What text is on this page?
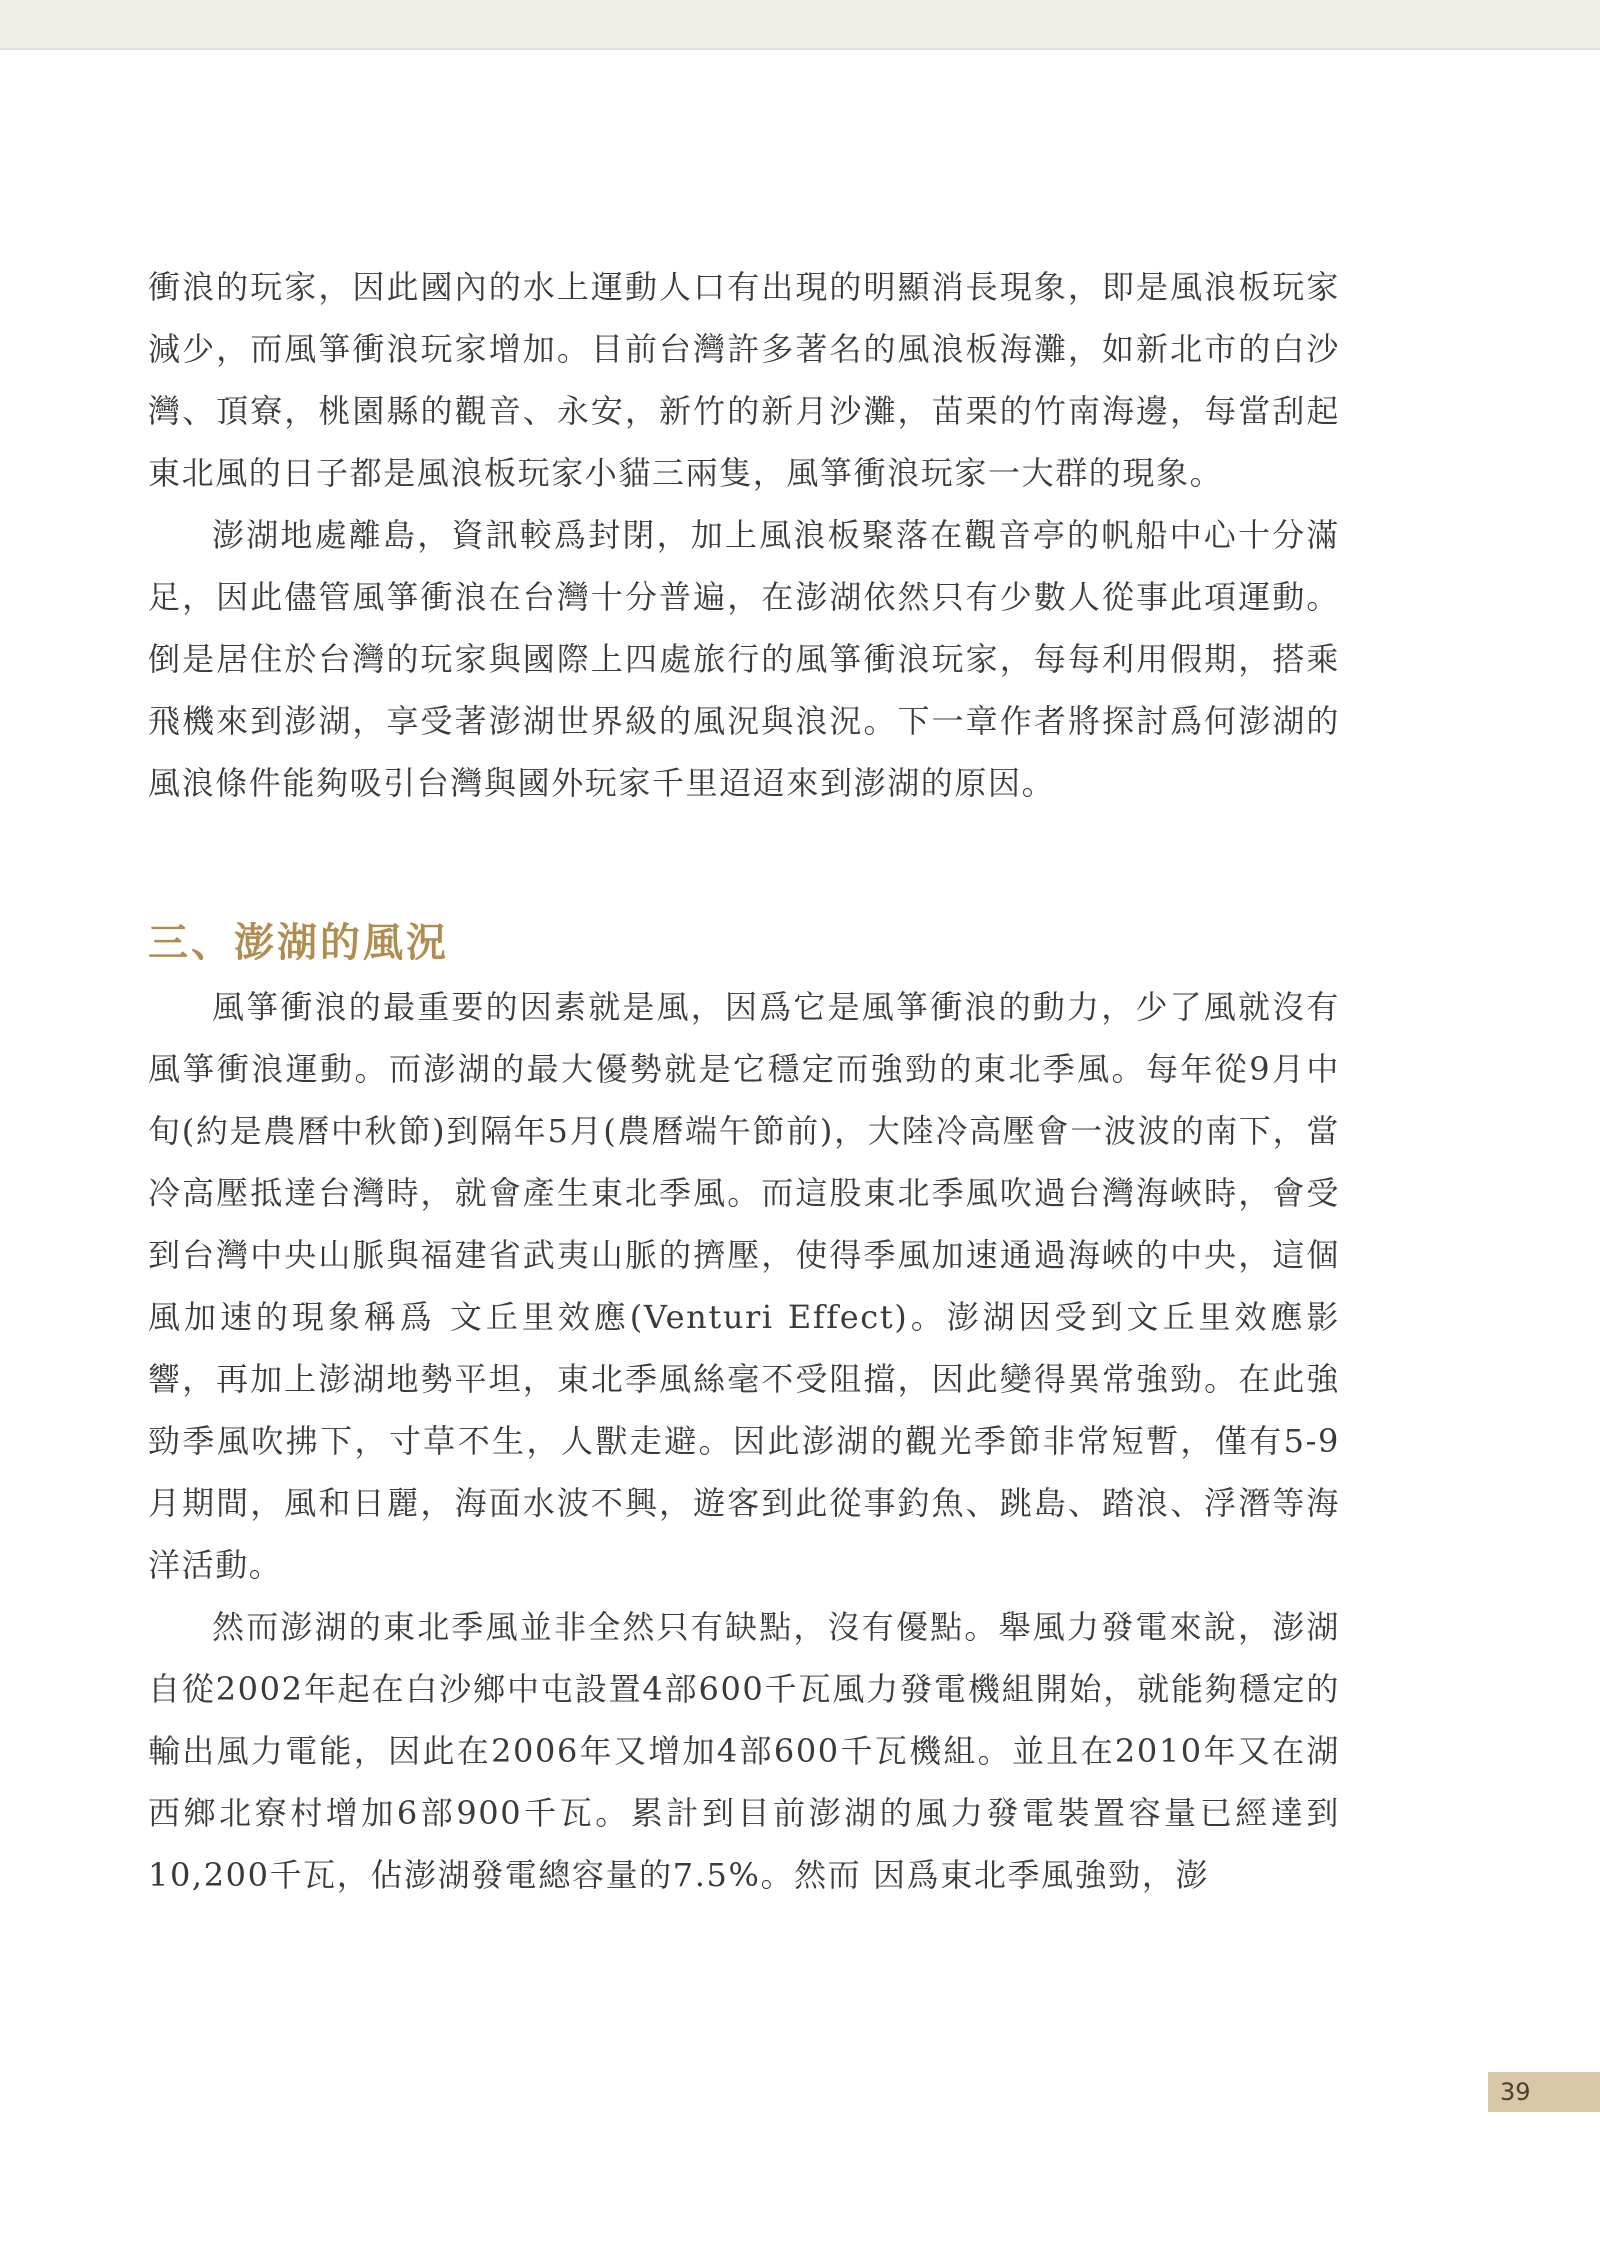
衝浪的玩家，因此國內的水上運動人口有出現的明顯消長現象，即是風浪板玩家減少，而風箏衝浪玩家增加。目前台灣許多著名的風浪板海灘，如新北市的白沙灣、頂寮，桃園縣的觀音、永安，新竹的新月沙灘，苗栗的竹南海邊，每當刮起東北風的日子都是風浪板玩家小貓三兩隻，風箏衝浪玩家一大群的現象。

澎湖地處離島，資訊較爲封閉，加上風浪板聚落在觀音亭的帆船中心十分滿足，因此儘管風箏衝浪在台灣十分普遍，在澎湖依然只有少數人從事此項運動。倒是居住於台灣的玩家與國際上四處旅行的風箏衝浪玩家，每每利用假期，搭乘飛機來到澎湖，享受著澎湖世界級的風況與浪況。下一章作者將探討爲何澎湖的風浪條件能夠吸引台灣與國外玩家千里迢迢來到澎湖的原因。

三、澎湖的風況

風箏衝浪的最重要的因素就是風，因爲它是風箏衝浪的動力，少了風就沒有風箏衝浪運動。而澎湖的最大優勢就是它穩定而強勁的東北季風。每年從9月中旬(約是農曆中秋節)到隔年5月(農曆端午節前)，大陸冷高壓會一波波的南下，當冷高壓抵達台灣時，就會產生東北季風。而這股東北季風吹過台灣海峽時，會受到台灣中央山脈與福建省武夷山脈的擠壓，使得季風加速通過海峽的中央，這個風加速的現象稱爲 文丘里效應(Venturi Effect)。澎湖因受到文丘里效應影響，再加上澎湖地勢平坦，東北季風絲毫不受阻擋，因此變得異常強勁。在此強勁季風吹拂下，寸草不生，人獸走避。因此澎湖的觀光季節非常短暫，僅有5-9月期間，風和日麗，海面水波不興，遊客到此從事釣魚、跳島、踏浪、浮潛等海洋活動。

然而澎湖的東北季風並非全然只有缺點，沒有優點。舉風力發電來說，澎湖自從2002年起在白沙鄉中屯設置4部600千瓦風力發電機組開始，就能夠穩定的輸出風力電能，因此在2006年又增加4部600千瓦機組。並且在2010年又在湖西鄉北寮村增加6部900千瓦。累計到目前澎湖的風力發電裝置容量已經達到10,200千瓦，佔澎湖發電總容量的7.5%。然而 因爲東北季風強勁，澎

39
